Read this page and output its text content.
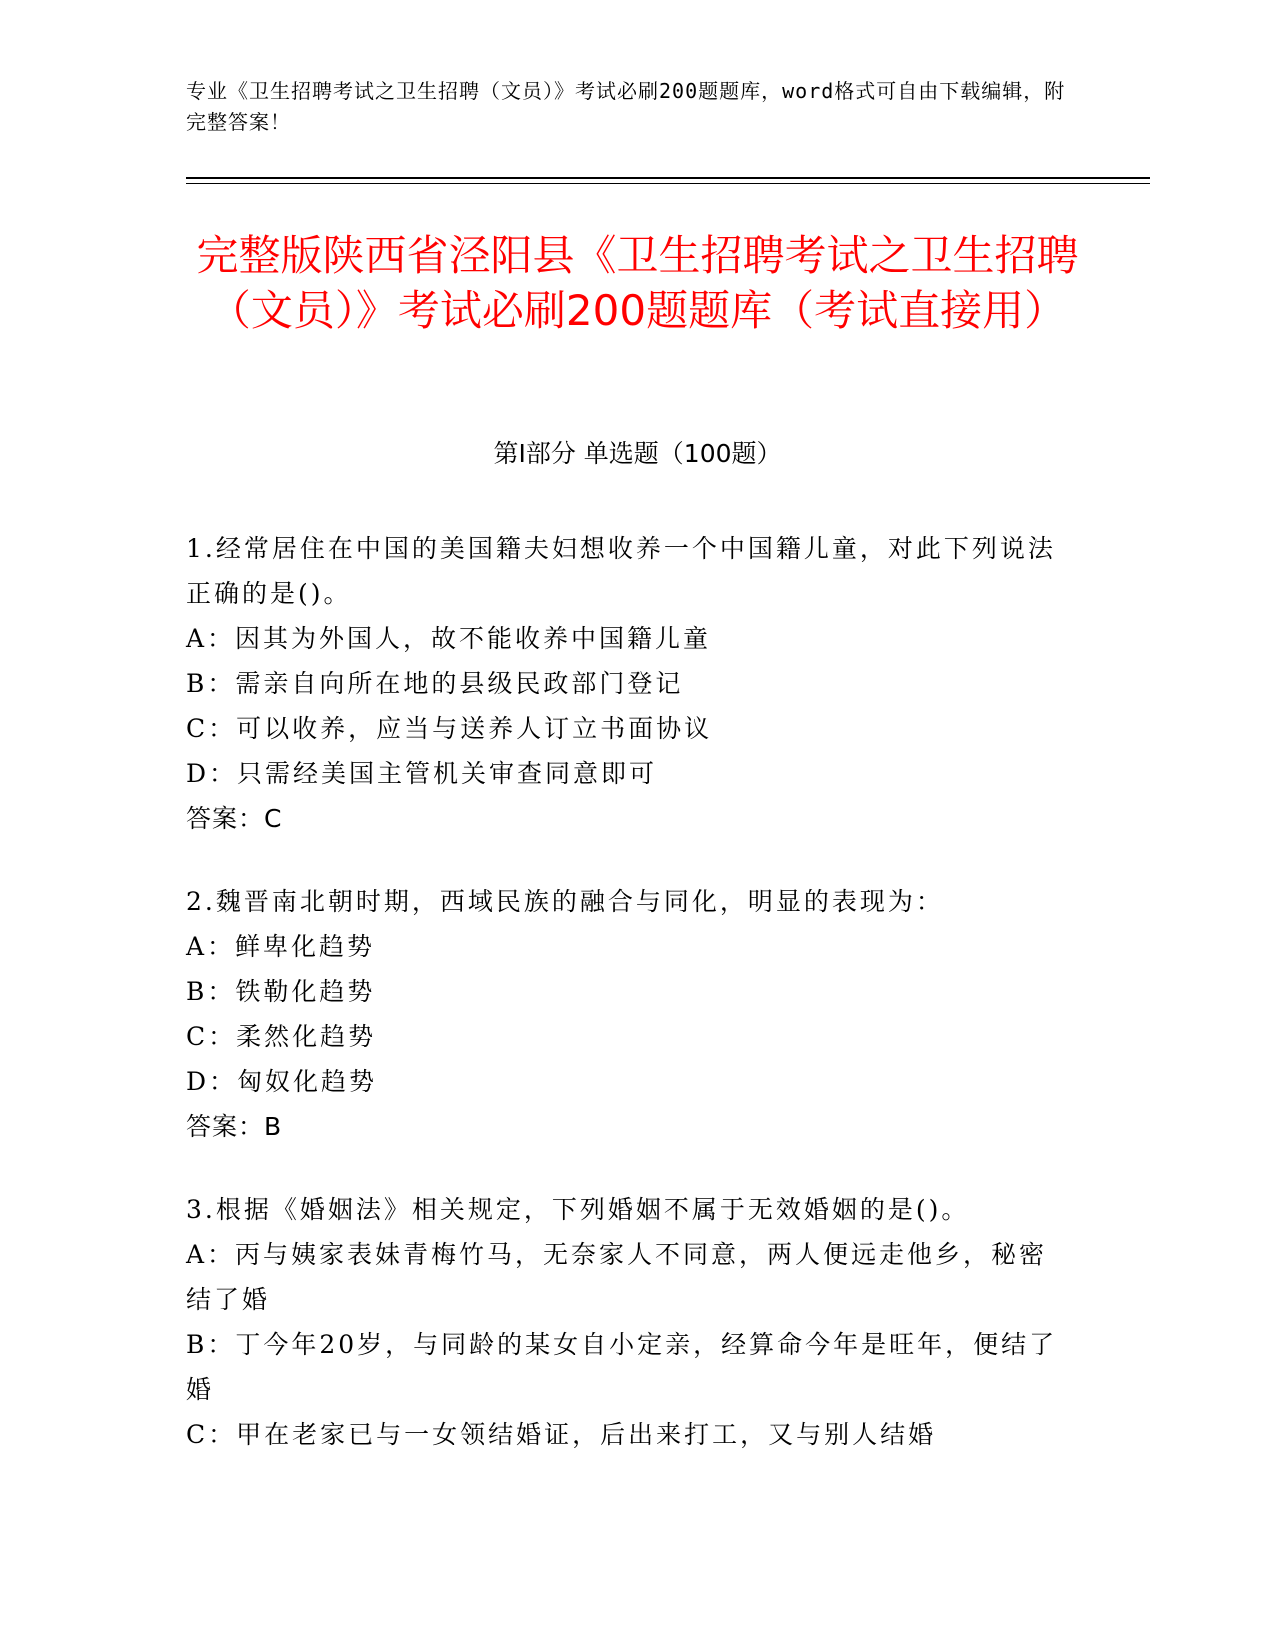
专业《卫生招聘考试之卫生招聘（文员）》考试必刷200题题库，word格式可自由下载编辑，附完整答案！
完整版陕西省泾阳县《卫生招聘考试之卫生招聘（文员）》考试必刷200题题库（考试直接用）
第Ⅰ部分 单选题（100题）
1.经常居住在中国的美国籍夫妇想收养一个中国籍儿童，对此下列说法正确的是()。
A：因其为外国人，故不能收养中国籍儿童
B：需亲自向所在地的县级民政部门登记
C：可以收养，应当与送养人订立书面协议
D：只需经美国主管机关审查同意即可
答案：C
2.魏晋南北朝时期，西域民族的融合与同化，明显的表现为：
A：鲜卑化趋势
B：铁勒化趋势
C：柔然化趋势
D：匈奴化趋势
答案：B
3.根据《婚姻法》相关规定，下列婚姻不属于无效婚姻的是()。
A：丙与姨家表妹青梅竹马，无奈家人不同意，两人便远走他乡，秘密结了婚
B：丁今年20岁，与同龄的某女自小定亲，经算命今年是旺年，便结了婚
C：甲在老家已与一女领结婚证，后出来打工，又与别人结婚
